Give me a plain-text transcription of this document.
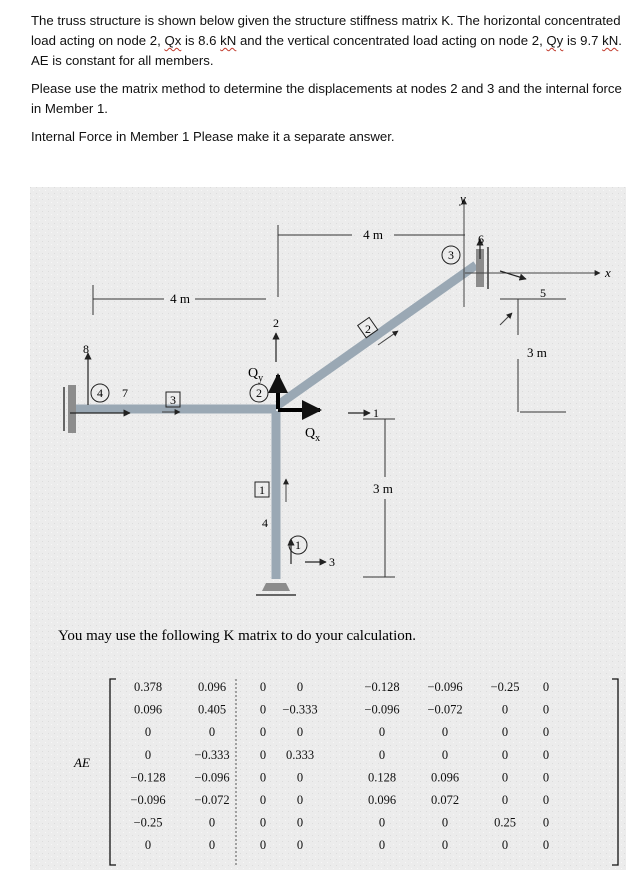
The truss structure is shown below given the structure stiffness matrix K. The horizontal concentrated load acting on node 2, Qx is 8.6 kN and the vertical concentrated load acting on node 2, Qy is 9.7 kN. AE is constant for all members.

Please use the matrix method to determine the displacements at nodes 2 and 3 and the internal force in Member 1.

Internal Force in Member 1 Please make it a separate answer.

x
y
4 m
4 m
3 m
3 m
2
1
4
3
6
5
8
7
4	2
3
1
3
1
2
$Q_y$
$Q_x$
You may use the following K matrix to do your calculation.
AE
0.378	0.096	0 0	−0.128 −0.096 −0.25 0
0.096	0.405	0 −0.333	−0.096 −0.072	0	0
0	0	0 0	0	0	0	0
0	−0.333 0 0.333	0	0	0	0
−0.128 −0.096 0 0	0.128	0.096	0	0
−0.096 −0.072 0 0	0.096	0.072	0	0
−0.25	0	0 0	0	0	0.25 0
0	0	0 0	0	0	0	0
